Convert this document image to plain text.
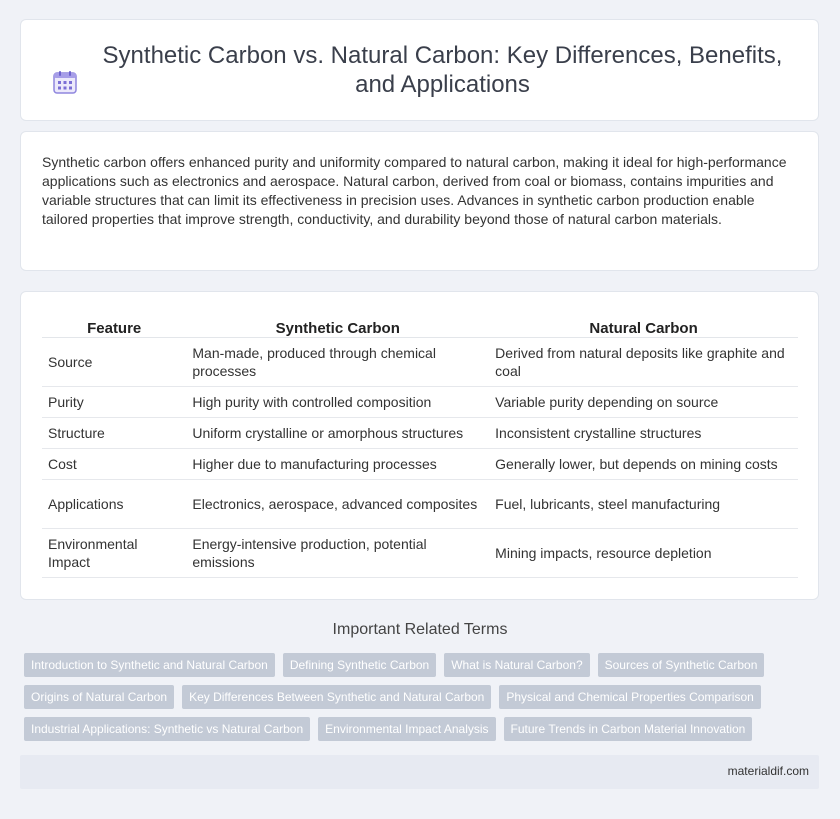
Synthetic Carbon vs. Natural Carbon: Key Differences, Benefits, and Applications

Synthetic carbon offers enhanced purity and uniformity compared to natural carbon, making it ideal for high-performance applications such as electronics and aerospace. Natural carbon, derived from coal or biomass, contains impurities and variable structures that can limit its effectiveness in precision uses. Advances in synthetic carbon production enable tailored properties that improve strength, conductivity, and durability beyond those of natural carbon materials.

Feature	Synthetic Carbon	Natural Carbon
Source	Man-made, produced through chemical processes	Derived from natural deposits like graphite and coal
Purity	High purity with controlled composition	Variable purity depending on source
Structure	Uniform crystalline or amorphous structures	Inconsistent crystalline structures
Cost	Higher due to manufacturing processes	Generally lower, but depends on mining costs
Applications	Electronics, aerospace, advanced composites	Fuel, lubricants, steel manufacturing
Environmental Impact	Energy-intensive production, potential emissions	Mining impacts, resource depletion
Important Related Terms
Introduction to Synthetic and Natural Carbon	Defining Synthetic Carbon	What is Natural Carbon?	Sources of Synthetic Carbon
Origins of Natural Carbon	Key Differences Between Synthetic and Natural Carbon	Physical and Chemical Properties Comparison
Industrial Applications: Synthetic vs Natural Carbon	Environmental Impact Analysis	Future Trends in Carbon Material Innovation
materialdif.com
